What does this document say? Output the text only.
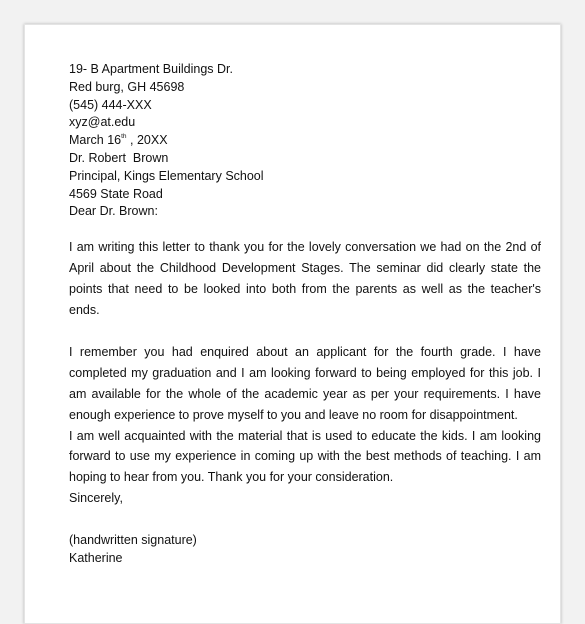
19- B Apartment Buildings Dr.
Red burg, GH 45698
(545) 444-XXX
xyz@at.edu
March 16th , 20XX
Dr. Robert  Brown
Principal, Kings Elementary School
4569 State Road
Dear Dr. Brown:

I am writing this letter to thank you for the lovely conversation we had on the 2nd of April about the Childhood Development Stages. The seminar did clearly state the points that need to be looked into both from the parents as well as the teacher's ends.

I remember you had enquired about an applicant for the fourth grade. I have completed my graduation and I am looking forward to being employed for this job. I am available for the whole of the academic year as per your requirements. I have enough experience to prove myself to you and leave no room for disappointment.

I am well acquainted with the material that is used to educate the kids. I am looking forward to use my experience in coming up with the best methods of teaching. I am hoping to hear from you. Thank you for your consideration.

Sincerely,
(handwritten signature)
Katherine
